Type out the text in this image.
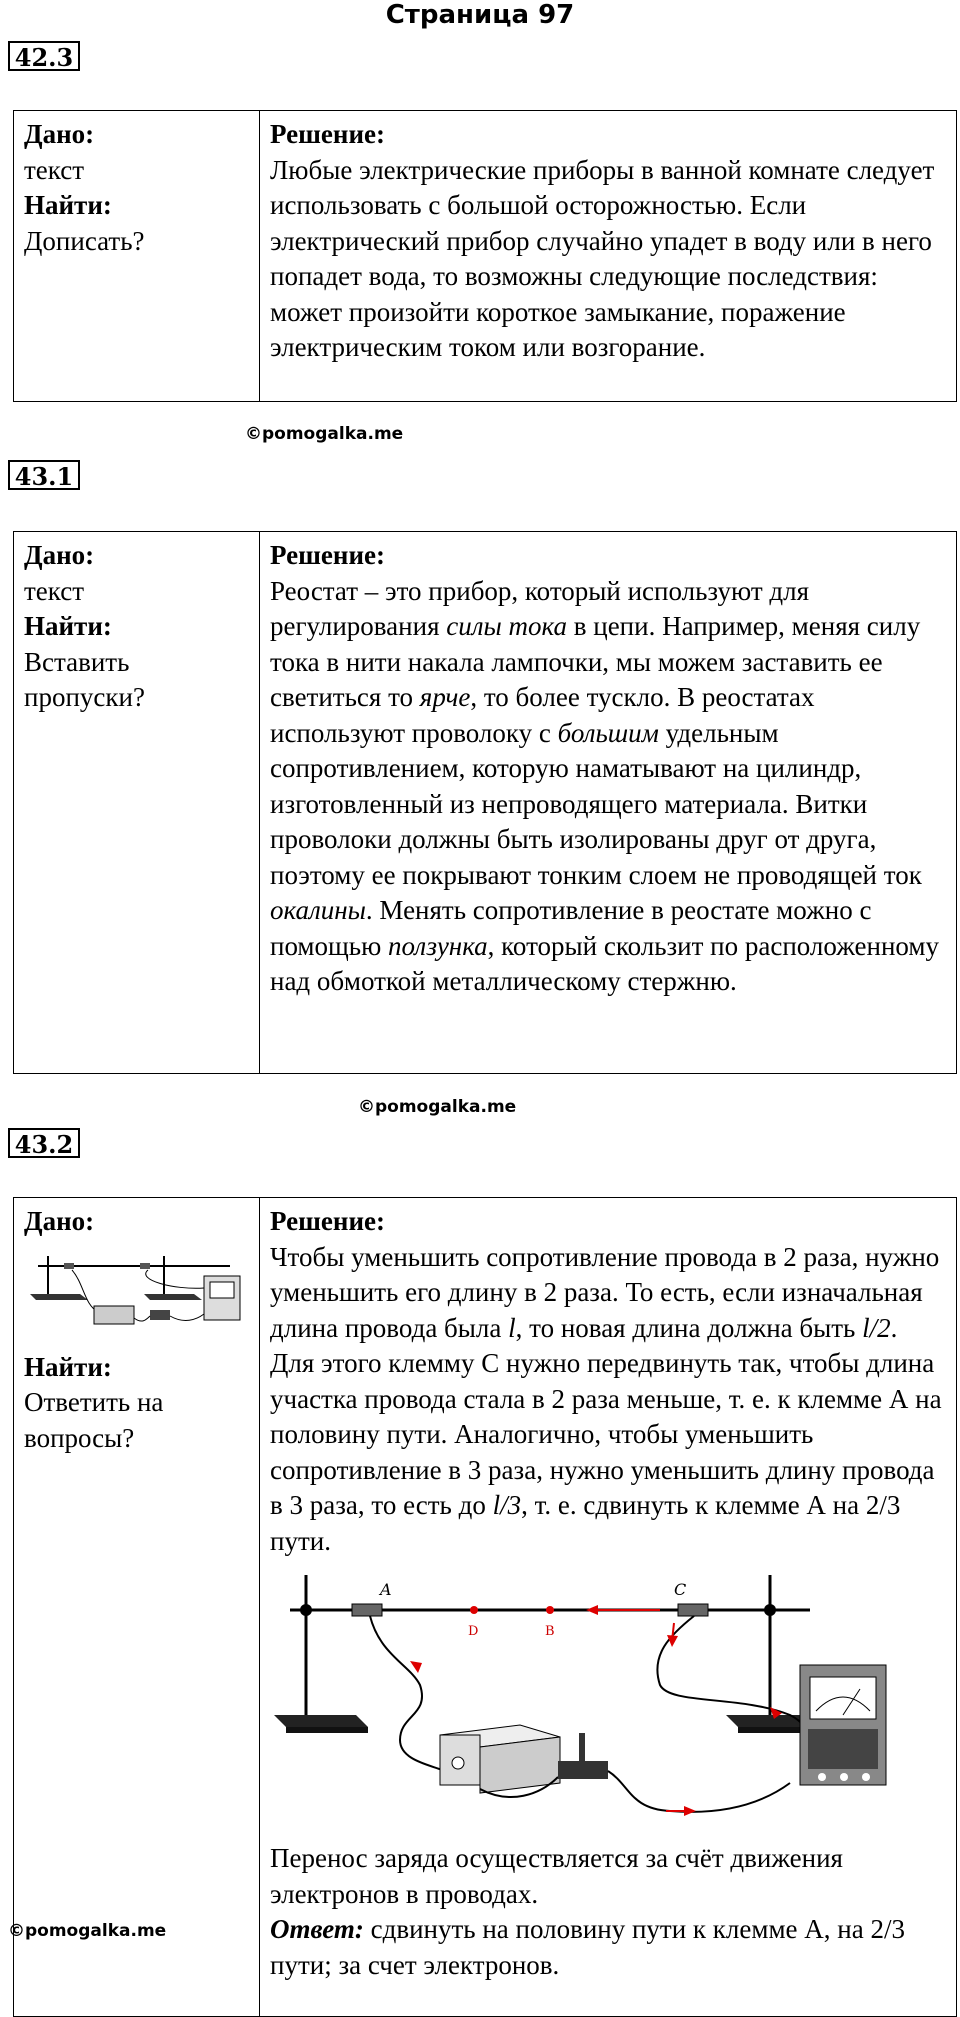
Страница 97
42.3
Дано:
текст
Найти:
Дописать?
Решение:

Любые электрические приборы в ванной комнате следует использовать с большой осторожностью. Если электрический прибор случайно упадет в воду или в него попадет вода, то возможны следующие последствия: может произойти короткое замыкание, поражение электрическим током или возгорание.

©pomogalka.me
43.1
Дано:
текст
Найти:
Вставить пропуски?
Решение:

Реостат – это прибор, который используют для регулирования силы тока в цепи. Например, меняя силу тока в нити накала лампочки, мы можем заставить ее светиться то ярче, то более тускло. В реостатах используют проволоку с большим удельным сопротивлением, которую наматывают на цилиндр, изготовленный из непроводящего материала. Витки проволоки должны быть изолированы друг от друга, поэтому ее покрывают тонким слоем не проводящей ток окалины. Менять сопротивление в реостате можно с помощью ползунка, который скользит по расположенному над обмоткой металлическому стержню.

©pomogalka.me
43.2
Дано:
Найти:
Ответить на вопросы?
Решение:

Чтобы уменьшить сопротивление провода в 2 раза, нужно уменьшить его длину в 2 раза. То есть, если изначальная длина провода была l, то новая длина должна быть l/2. Для этого клемму С нужно передвинуть так, чтобы длина участка провода стала в 2 раза меньше, т. е. к клемме А на половину пути. Аналогично, чтобы уменьшить сопротивление в 3 раза, нужно уменьшить длину провода в 3 раза, то есть до l/3, т. е. сдвинуть к клемме А на 2/3 пути.

A	C
D	B

Перенос заряда осуществляется за счёт движения электронов в проводах.

Ответ: сдвинуть на половину пути к клемме А, на 2/3 пути; за счет электронов.

©pomogalka.me
